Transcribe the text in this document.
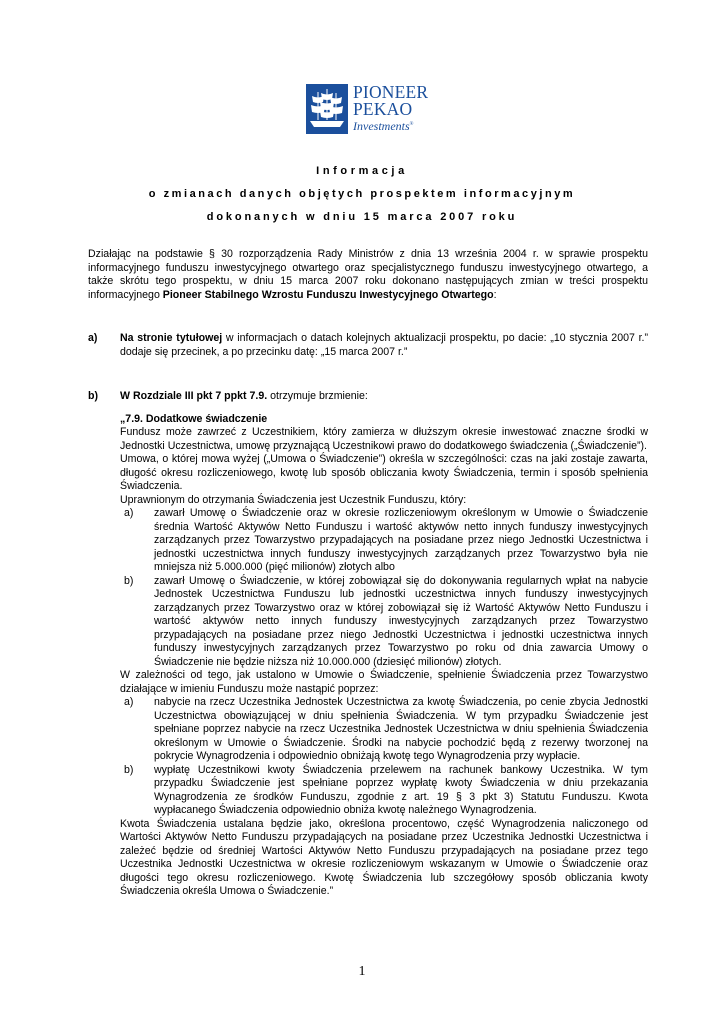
PIONEER
PEKAO
Investments®
Informacja
o zmianach danych objętych prospektem informacyjnym
dokonanych w dniu 15 marca 2007 roku
Działając na podstawie § 30 rozporządzenia Rady Ministrów z dnia 13 września 2004 r. w sprawie prospektu informacyjnego funduszu inwestycyjnego otwartego oraz specjalistycznego funduszu inwestycyjnego otwartego, a także skrótu tego prospektu, w dniu 15 marca 2007 roku dokonano następujących zmian w treści prospektu informacyjnego Pioneer Stabilnego Wzrostu Funduszu Inwestycyjnego Otwartego:
a) Na stronie tytułowej w informacjach o datach kolejnych aktualizacji prospektu, po dacie: „10 stycznia 2007 r.” dodaje się przecinek, a po przecinku datę: „15 marca 2007 r.”
b) W Rozdziale III pkt 7 ppkt 7.9. otrzymuje brzmienie:
„7.9. Dodatkowe świadczenie
Fundusz może zawrzeć z Uczestnikiem, który zamierza w dłuższym okresie inwestować znaczne środki w Jednostki Uczestnictwa, umowę przyznającą Uczestnikowi prawo do dodatkowego świadczenia („Świadczenie”).
Umowa, o której mowa wyżej („Umowa o Świadczenie”) określa w szczególności: czas na jaki zostaje zawarta, długość okresu rozliczeniowego, kwotę lub sposób obliczania kwoty Świadczenia, termin i sposób spełnienia Świadczenia.
Uprawnionym do otrzymania Świadczenia jest Uczestnik Funduszu, który:
a) zawarł Umowę o Świadczenie oraz w okresie rozliczeniowym określonym w Umowie o Świadczenie średnia Wartość Aktywów Netto Funduszu i wartość aktywów netto innych funduszy inwestycyjnych zarządzanych przez Towarzystwo przypadających na posiadane przez niego Jednostki Uczestnictwa i jednostki uczestnictwa innych funduszy inwestycyjnych zarządzanych przez Towarzystwo była nie mniejsza niż 5.000.000 (pięć milionów) złotych albo
b) zawarł Umowę o Świadczenie, w której zobowiązał się do dokonywania regularnych wpłat na nabycie Jednostek Uczestnictwa Funduszu lub jednostki uczestnictwa innych funduszy inwestycyjnych zarządzanych przez Towarzystwo oraz w której zobowiązał się iż Wartość Aktywów Netto Funduszu i wartość aktywów netto innych funduszy inwestycyjnych zarządzanych przez Towarzystwo przypadających na posiadane przez niego Jednostki Uczestnictwa i jednostki uczestnictwa innych funduszy inwestycyjnych zarządzanych przez Towarzystwo po roku od dnia zawarcia Umowy o Świadczenie nie będzie niższa niż 10.000.000 (dziesięć milionów) złotych.
W zależności od tego, jak ustalono w Umowie o Świadczenie, spełnienie Świadczenia przez Towarzystwo działające w imieniu Funduszu może nastąpić poprzez:
a) nabycie na rzecz Uczestnika Jednostek Uczestnictwa za kwotę Świadczenia, po cenie zbycia Jednostki Uczestnictwa obowiązującej w dniu spełnienia Świadczenia. W tym przypadku Świadczenie jest spełniane poprzez nabycie na rzecz Uczestnika Jednostek Uczestnictwa w dniu spełnienia Świadczenia określonym w Umowie o Świadczenie. Środki na nabycie pochodzić będą z rezerwy tworzonej na pokrycie Wynagrodzenia i odpowiednio obniżają kwotę tego Wynagrodzenia przy wypłacie.
b) wypłatę Uczestnikowi kwoty Świadczenia przelewem na rachunek bankowy Uczestnika. W tym przypadku Świadczenie jest spełniane poprzez wypłatę kwoty Świadczenia w dniu przekazania Wynagrodzenia ze środków Funduszu, zgodnie z art. 19 § 3 pkt 3) Statutu Funduszu. Kwota wypłacanego Świadczenia odpowiednio obniża kwotę należnego Wynagrodzenia.
Kwota Świadczenia ustalana będzie jako, określona procentowo, część Wynagrodzenia naliczonego od Wartości Aktywów Netto Funduszu przypadających na posiadane przez Uczestnika Jednostki Uczestnictwa i zależeć będzie od średniej Wartości Aktywów Netto Funduszu przypadających na posiadane przez tego Uczestnika Jednostki Uczestnictwa w okresie rozliczeniowym wskazanym w Umowie o Świadczenie oraz długości tego okresu rozliczeniowego. Kwotę Świadczenia lub szczegółowy sposób obliczania kwoty Świadczenia określa Umowa o Świadczenie.”
1
